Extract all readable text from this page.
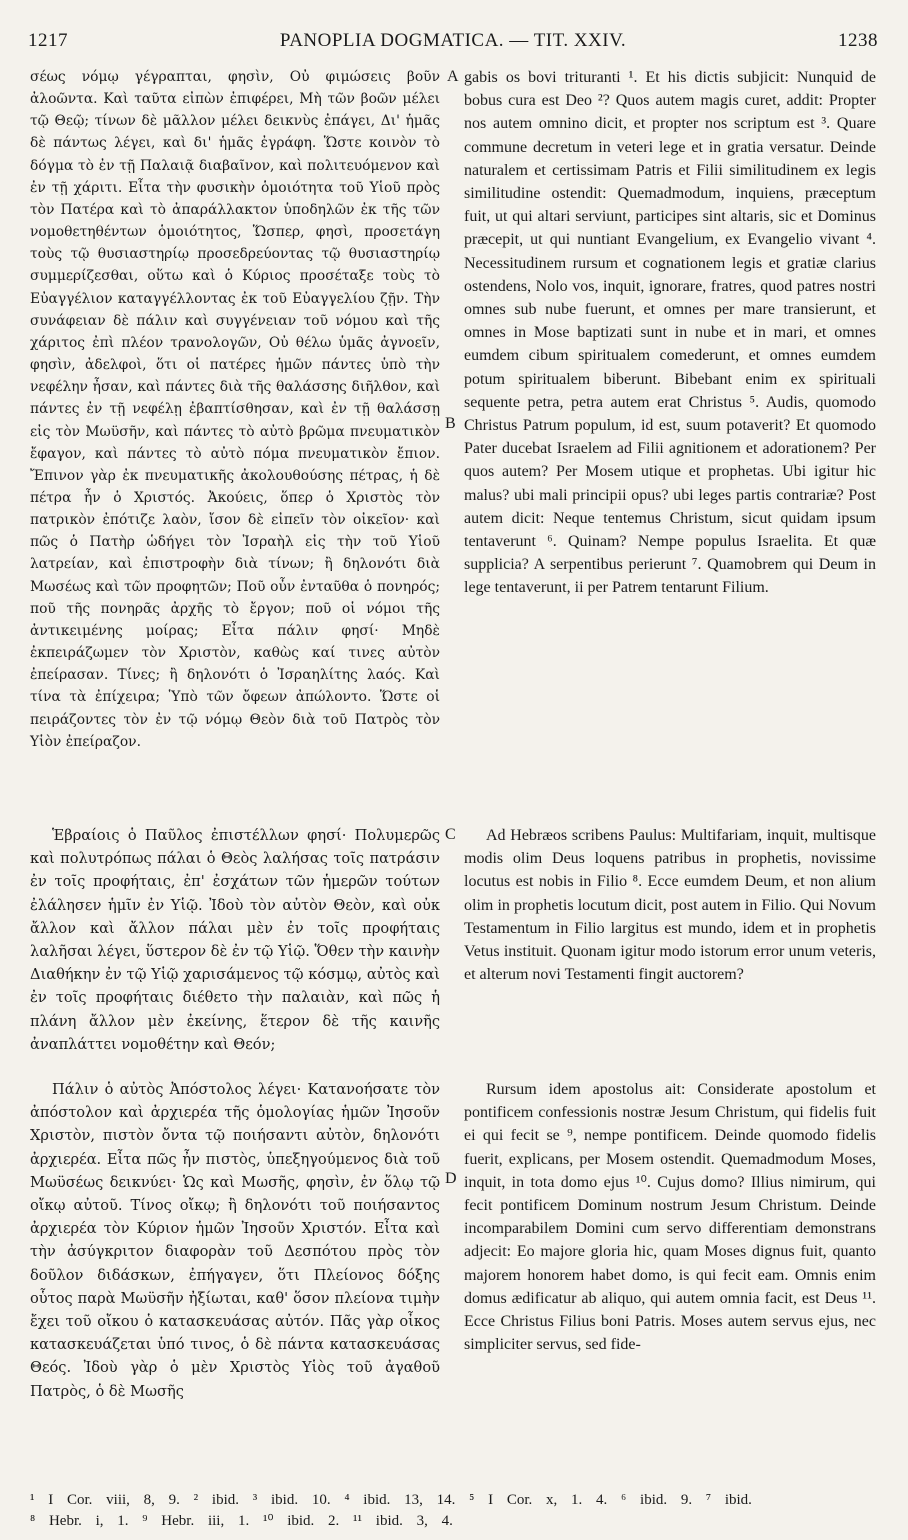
1217	PANOPLIA DOGMATICA. — TIT. XXIV.	1238
A
B
C
D

σέως νόμῳ γέγραπται, φησὶν, Οὐ φιμώσεις βοῦν ἀλοῶντα. Καὶ ταῦτα εἰπὼν ἐπιφέρει, Μὴ τῶν βοῶν μέλει τῷ Θεῷ; τίνων δὲ μᾶλλον μέλει δεικνὺς ἐπάγει, Δι' ἡμᾶς δὲ πάντως λέγει, καὶ δι' ἡμᾶς ἐγράφη. Ὥστε κοινὸν τὸ δόγμα τὸ ἐν τῇ Παλαιᾷ διαβαῖνον, καὶ πολιτευόμενον καὶ ἐν τῇ χάριτι. Εἶτα τὴν φυσικὴν ὁμοιότητα τοῦ Υἱοῦ πρὸς τὸν Πατέρα καὶ τὸ ἀπαράλλακτον ὑποδηλῶν ἐκ τῆς τῶν νομοθετηθέντων ὁμοιότητος, Ὥσπερ, φησὶ, προσετάγη τοὺς τῷ θυσιαστηρίῳ προσεδρεύοντας τῷ θυσιαστηρίῳ συμμερίζεσθαι, οὕτω καὶ ὁ Κύριος προσέταξε τοὺς τὸ Εὐαγγέλιον καταγγέλλοντας ἐκ τοῦ Εὐαγγελίου ζῇν. Τὴν συνάφειαν δὲ πάλιν καὶ συγγένειαν τοῦ νόμου καὶ τῆς χάριτος ἐπὶ πλέον τρανολογῶν, Οὐ θέλω ὑμᾶς ἀγνοεῖν, φησὶν, ἀδελφοὶ, ὅτι οἱ πατέρες ἡμῶν πάντες ὑπὸ τὴν νεφέλην ἦσαν, καὶ πάντες διὰ τῆς θαλάσσης διῆλθον, καὶ πάντες ἐν τῇ νεφέλῃ ἐβαπτίσθησαν, καὶ ἐν τῇ θαλάσσῃ εἰς τὸν Μωϋσῆν, καὶ πάντες τὸ αὐτὸ βρῶμα πνευματικὸν ἔφαγον, καὶ πάντες τὸ αὐτὸ πόμα πνευματικὸν ἔπιον. Ἔπινον γὰρ ἐκ πνευματικῆς ἀκολουθούσης πέτρας, ἡ δὲ πέτρα ἦν ὁ Χριστός. Ἀκούεις, ὅπερ ὁ Χριστὸς τὸν πατρικὸν ἐπότιζε λαὸν, ἴσον δὲ εἰπεῖν τὸν οἰκεῖον· καὶ πῶς ὁ Πατὴρ ὡδήγει τὸν Ἰσραὴλ εἰς τὴν τοῦ Υἱοῦ λατρείαν, καὶ ἐπιστροφὴν διὰ τίνων; ἢ δηλονότι διὰ Μωσέως καὶ τῶν προφητῶν; Ποῦ οὖν ἐνταῦθα ὁ πονηρός; ποῦ τῆς πονηρᾶς ἀρχῆς τὸ ἔργον; ποῦ οἱ νόμοι τῆς ἀντικειμένης μοίρας; Εἶτα πάλιν φησί· Μηδὲ ἐκπειράζωμεν τὸν Χριστὸν, καθὼς καί τινες αὐτὸν ἐπείρασαν. Τίνες; ἢ δηλονότι ὁ Ἰσραηλίτης λαός. Καὶ τίνα τὰ ἐπίχειρα; Ὑπὸ τῶν ὄφεων ἀπώλοντο. Ὥστε οἱ πειράζοντες τὸν ἐν τῷ νόμῳ Θεὸν διὰ τοῦ Πατρὸς τὸν Υἱὸν ἐπείραζον.

gabis os bovi trituranti ¹. Et his dictis subjicit: Nunquid de bobus cura est Deo ²? Quos autem magis curet, addit: Propter nos autem omnino dicit, et propter nos scriptum est ³. Quare commune decretum in veteri lege et in gratia versatur. Deinde naturalem et certissimam Patris et Filii similitudinem ex legis similitudine ostendit: Quemadmodum, inquiens, præceptum fuit, ut qui altari serviunt, participes sint altaris, sic et Dominus præcepit, ut qui nuntiant Evangelium, ex Evangelio vivant ⁴. Necessitudinem rursum et cognationem legis et gratiæ clarius ostendens, Nolo vos, inquit, ignorare, fratres, quod patres nostri omnes sub nube fuerunt, et omnes per mare transierunt, et omnes in Mose baptizati sunt in nube et in mari, et omnes eumdem cibum spiritualem comederunt, et omnes eumdem potum spiritualem biberunt. Bibebant enim ex spirituali sequente petra, petra autem erat Christus ⁵. Audis, quomodo Christus Patrum populum, id est, suum potaverit? Et quomodo Pater ducebat Israelem ad Filii agnitionem et adorationem? Per quos autem? Per Mosem utique et prophetas. Ubi igitur hic malus? ubi mali principii opus? ubi leges partis contrariæ? Post autem dicit: Neque tentemus Christum, sicut quidam ipsum tentaverunt ⁶. Quinam? Nempe populus Israelita. Et quæ supplicia? A serpentibus perierunt ⁷. Quamobrem qui Deum in lege tentaverunt, ii per Patrem tentarunt Filium.

Ἑβραίοις ὁ Παῦλος ἐπιστέλλων φησί· Πολυμερῶς καὶ πολυτρόπως πάλαι ὁ Θεὸς λαλήσας τοῖς πατράσιν ἐν τοῖς προφήταις, ἐπ' ἐσχάτων τῶν ἡμερῶν τούτων ἐλάλησεν ἡμῖν ἐν Υἱῷ. Ἰδοὺ τὸν αὐτὸν Θεὸν, καὶ οὐκ ἄλλον καὶ ἄλλον πάλαι μὲν ἐν τοῖς προφήταις λαλῆσαι λέγει, ὕστερον δὲ ἐν τῷ Υἱῷ. Ὅθεν τὴν καινὴν Διαθήκην ἐν τῷ Υἱῷ χαρισάμενος τῷ κόσμῳ, αὐτὸς καὶ ἐν τοῖς προφήταις διέθετο τὴν παλαιὰν, καὶ πῶς ἡ πλάνη ἄλλον μὲν ἐκείνης, ἕτερον δὲ τῆς καινῆς ἀναπλάττει νομοθέτην καὶ Θεόν;

Ad Hebræos scribens Paulus: Multifariam, inquit, multisque modis olim Deus loquens patribus in prophetis, novissime locutus est nobis in Filio ⁸. Ecce eumdem Deum, et non alium olim in prophetis locutum dicit, post autem in Filio. Qui Novum Testamentum in Filio largitus est mundo, idem et in prophetis Vetus instituit. Quonam igitur modo istorum error unum veteris, et alterum novi Testamenti fingit auctorem?

Πάλιν ὁ αὐτὸς Ἀπόστολος λέγει· Κατανοήσατε τὸν ἀπόστολον καὶ ἀρχιερέα τῆς ὁμολογίας ἡμῶν Ἰησοῦν Χριστὸν, πιστὸν ὄντα τῷ ποιήσαντι αὐτὸν, δηλονότι ἀρχιερέα. Εἶτα πῶς ἦν πιστὸς, ὑπεξηγούμενος διὰ τοῦ Μωϋσέως δεικνύει· Ὡς καὶ Μωσῆς, φησὶν, ἐν ὅλῳ τῷ οἴκῳ αὐτοῦ. Τίνος οἴκῳ; ἢ δηλονότι τοῦ ποιήσαντος ἀρχιερέα τὸν Κύριον ἡμῶν Ἰησοῦν Χριστόν. Εἶτα καὶ τὴν ἀσύγκριτον διαφορὰν τοῦ Δεσπότου πρὸς τὸν δοῦλον διδάσκων, ἐπήγαγεν, ὅτι Πλείονος δόξης οὗτος παρὰ Μωϋσῆν ἠξίωται, καθ' ὅσον πλείονα τιμὴν ἔχει τοῦ οἴκου ὁ κατασκευάσας αὐτόν. Πᾶς γὰρ οἶκος κατασκευάζεται ὑπό τινος, ὁ δὲ πάντα κατασκευάσας Θεός. Ἰδοὺ γὰρ ὁ μὲν Χριστὸς Υἱὸς τοῦ ἀγαθοῦ Πατρὸς, ὁ δὲ Μωσῆς

Rursum idem apostolus ait: Considerate apostolum et pontificem confessionis nostræ Jesum Christum, qui fidelis fuit ei qui fecit se ⁹, nempe pontificem. Deinde quomodo fidelis fuerit, explicans, per Mosem ostendit. Quemadmodum Moses, inquit, in tota domo ejus ¹⁰. Cujus domo? Illius nimirum, qui fecit pontificem Dominum nostrum Jesum Christum. Deinde incomparabilem Domini cum servo differentiam demonstrans adjecit: Eo majore gloria hic, quam Moses dignus fuit, quanto majorem honorem habet domo, is qui fecit eam. Omnis enim domus ædificatur ab aliquo, qui autem omnia facit, est Deus ¹¹. Ecce Christus Filius boni Patris. Moses autem servus ejus, nec simpliciter servus, sed fide-

¹ I Cor. viii, 8, 9. ² ibid. ³ ibid. 10. ⁴ ibid. 13, 14. ⁵ I Cor. x, 1. 4. ⁶ ibid. 9. ⁷ ibid.
⁸ Hebr. i, 1. ⁹ Hebr. iii, 1. ¹⁰ ibid. 2. ¹¹ ibid. 3, 4.
